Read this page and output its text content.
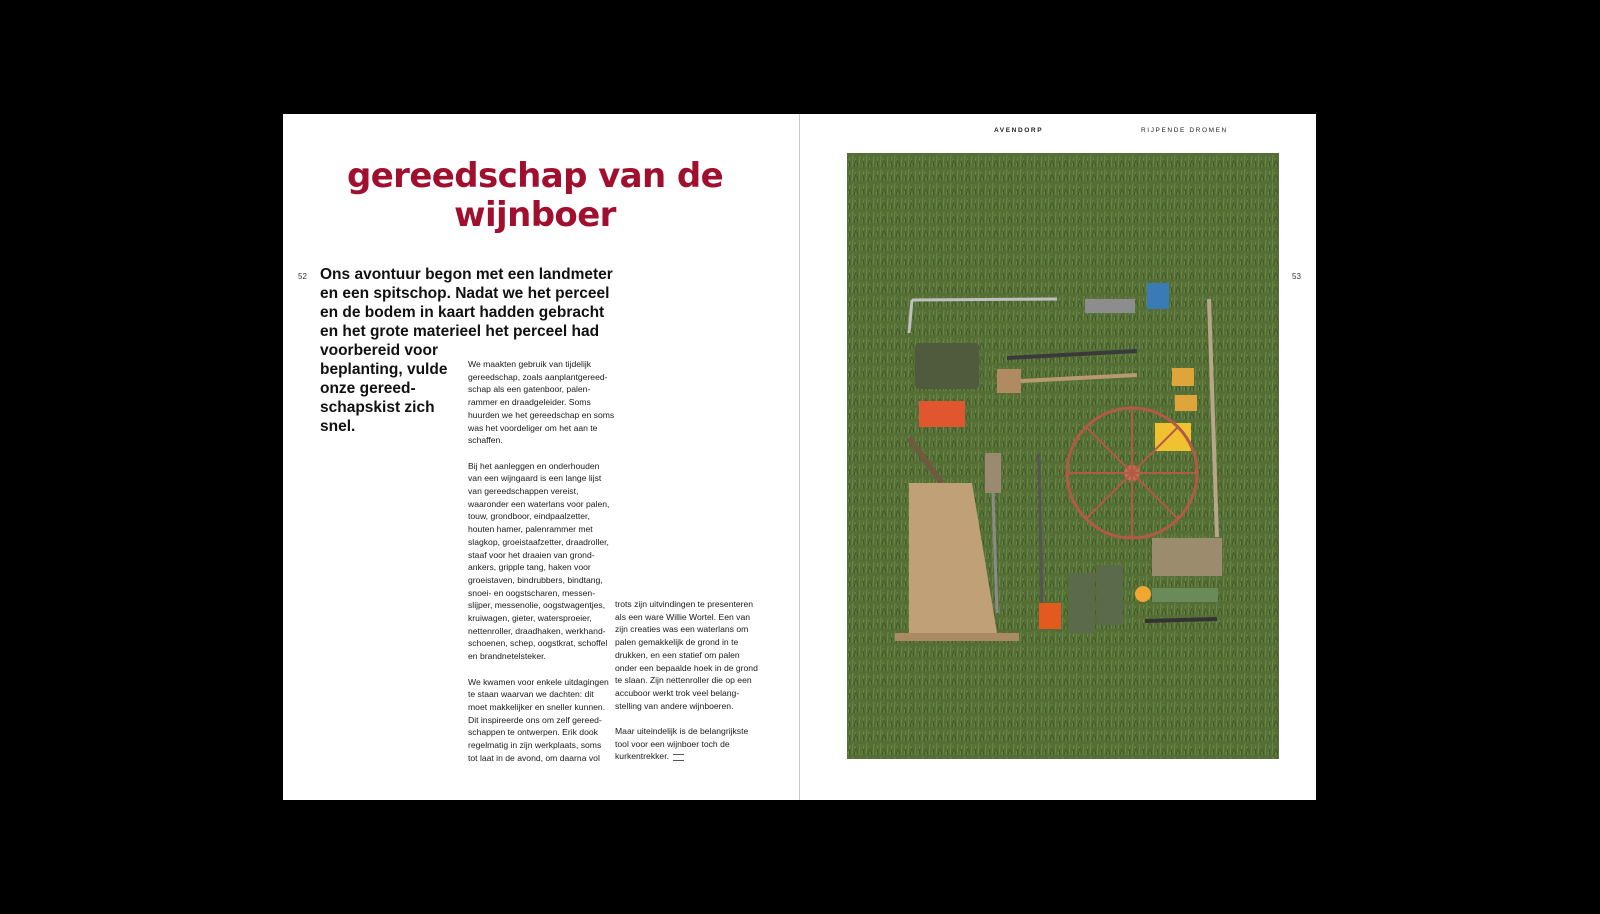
gereedschap van de
wijnboer
52 Ons avontuur begon met een landmeter
en een spitschop. Nadat we het perceel
en de bodem in kaart hadden gebracht
en het grote materieel het perceel had
voorbereid voor
beplanting, vulde
onze gereed-
schapskist zich
snel.

We maakten gebruik van tijdelijk
gereedschap, zoals aanplantgereed-
schap als een gatenboor, palen-
rammer en draadgeleider. Soms
huurden we het gereedschap en soms
was het voordeliger om het aan te
schaffen.
Bij het aanleggen en onderhouden
van een wijngaard is een lange lijst
van gereedschappen vereist,
waaronder een waterlans voor palen,
touw, grondboor, eindpaalzetter,
houten hamer, palenrammer met
slagkop, groeistaafzetter, draadroller,
staaf voor het draaien van grond-
ankers, gripple tang, haken voor
groeistaven, bindrubbers, bindtang,
snoei- en oogstscharen, messen-
slijper, messenolie, oogstwagentjes,
kruiwagen, gieter, watersproeier,
nettenroller, draadhaken, werkhand-
schoenen, schep, oogstkrat, schoffel
en brandnetelsteker.
We kwamen voor enkele uitdagingen
te staan waarvan we dachten: dit
moet makkelijker en sneller kunnen.
Dit inspireerde ons om zelf gereed-
schappen te ontwerpen. Erik dook
regelmatig in zijn werkplaats, soms
tot laat in de avond, om daarna vol
trots zijn uitvindingen te presenteren
als een ware Willie Wortel. Een van
zijn creaties was een waterlans om
palen gemakkelijk de grond in te
drukken, en een statief om palen
onder een bepaalde hoek in de grond
te slaan. Zijn nettenroller die op een
accuboor werkt trok veel belang-
stelling van andere wijnboeren.
Maar uiteindelijk is de belangrijkste
tool voor een wijnboer toch de
kurkentrekker.
AVENDORP	RIJPENDE DROMEN
53
